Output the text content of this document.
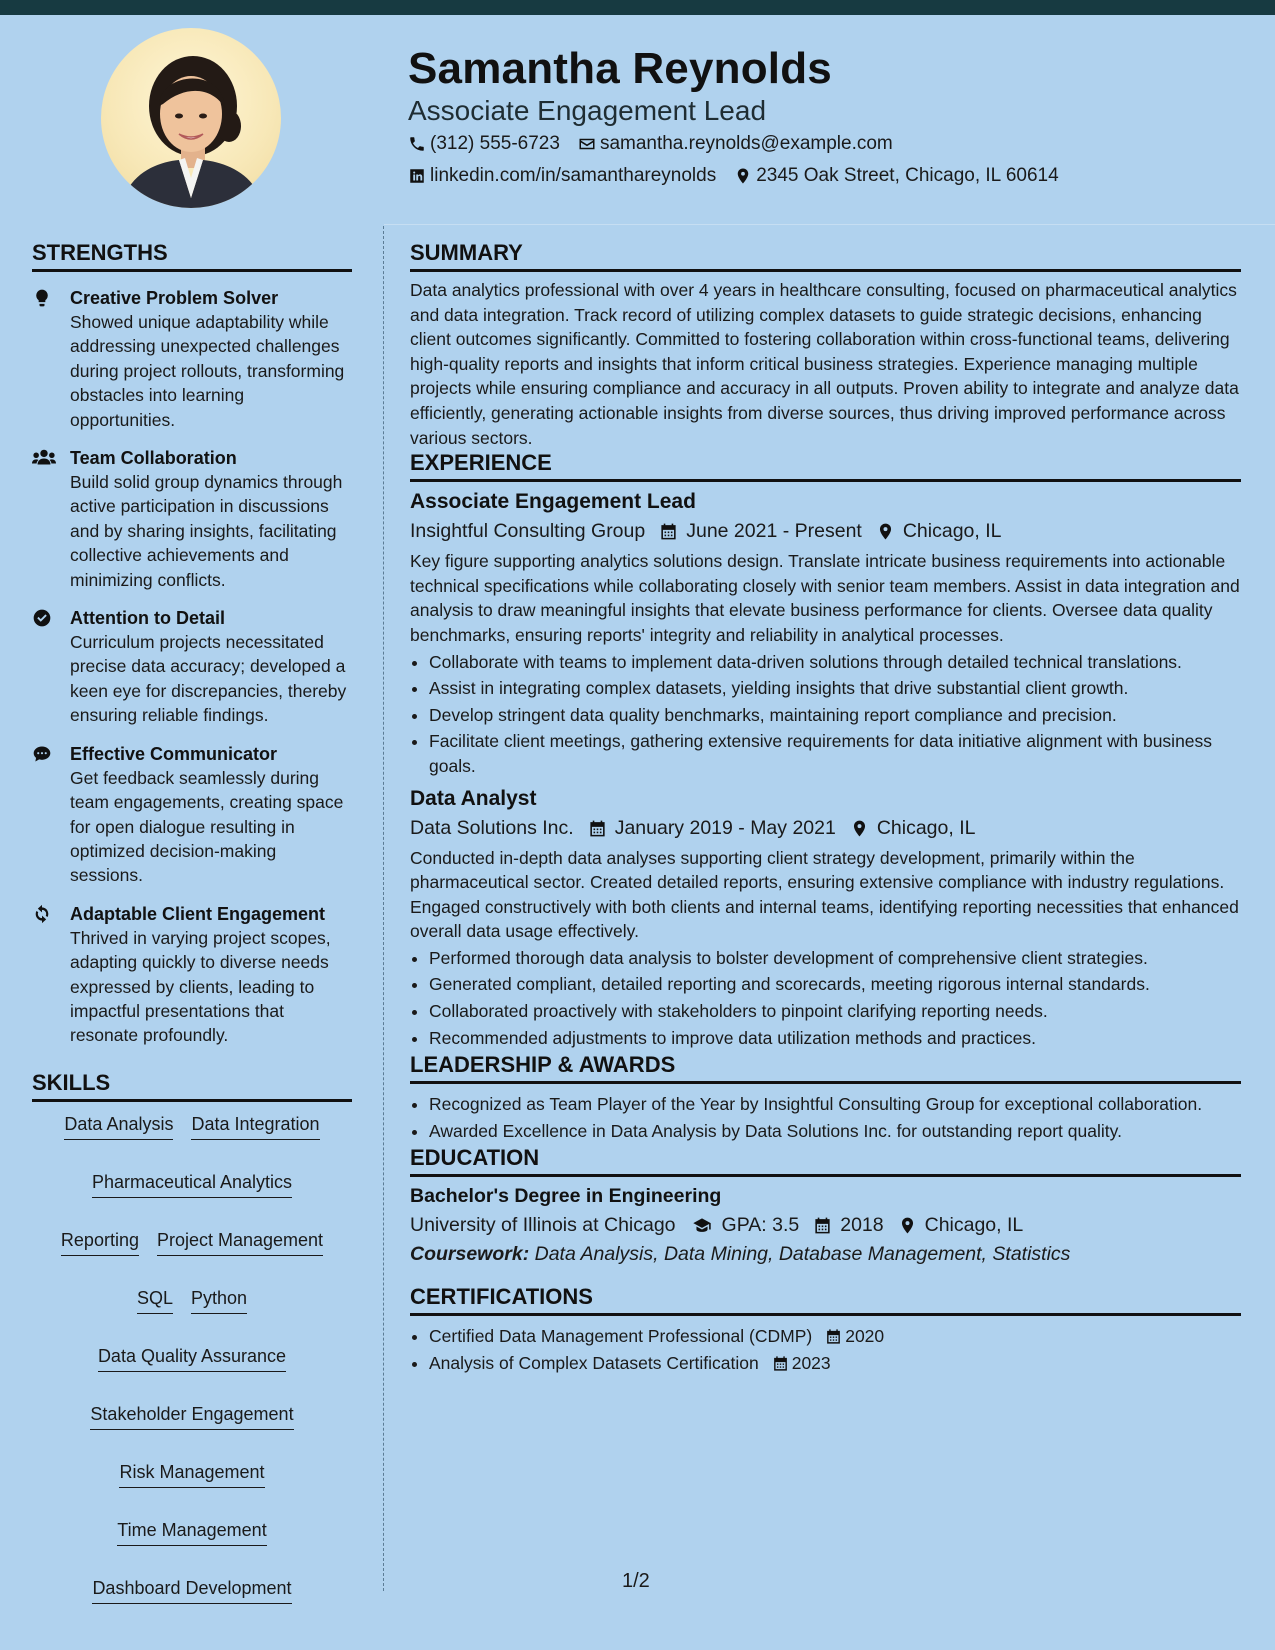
Samantha Reynolds
Associate Engagement Lead
(312) 555-6723 samantha.reynolds@example.com
linkedin.com/in/samanthareynolds 2345 Oak Street, Chicago, IL 60614
STRENGTHS
Creative Problem Solver
Showed unique adaptability while addressing unexpected challenges during project rollouts, transforming obstacles into learning opportunities.
Team Collaboration
Build solid group dynamics through active participation in discussions and by sharing insights, facilitating collective achievements and minimizing conflicts.
Attention to Detail
Curriculum projects necessitated precise data accuracy; developed a keen eye for discrepancies, thereby ensuring reliable findings.
Effective Communicator
Get feedback seamlessly during team engagements, creating space for open dialogue resulting in optimized decision-making sessions.
Adaptable Client Engagement
Thrived in varying project scopes, adapting quickly to diverse needs expressed by clients, leading to impactful presentations that resonate profoundly.
SKILLS
Data Analysis Data Integration
Pharmaceutical Analytics
Reporting Project Management
SQL Python
Data Quality Assurance
Stakeholder Engagement
Risk Management
Time Management
Dashboard Development
SUMMARY

Data analytics professional with over 4 years in healthcare consulting, focused on pharmaceutical analytics and data integration. Track record of utilizing complex datasets to guide strategic decisions, enhancing client outcomes significantly. Committed to fostering collaboration within cross-functional teams, delivering high-quality reports and insights that inform critical business strategies. Experience managing multiple projects while ensuring compliance and accuracy in all outputs. Proven ability to integrate and analyze data efficiently, generating actionable insights from diverse sources, thus driving improved performance across various sectors.

EXPERIENCE
Associate Engagement Lead
Insightful Consulting Group June 2021 - Present Chicago, IL

Key figure supporting analytics solutions design. Translate intricate business requirements into actionable technical specifications while collaborating closely with senior team members. Assist in data integration and analysis to draw meaningful insights that elevate business performance for clients. Oversee data quality benchmarks, ensuring reports' integrity and reliability in analytical processes.

• Collaborate with teams to implement data-driven solutions through detailed technical translations.
• Assist in integrating complex datasets, yielding insights that drive substantial client growth.
• Develop stringent data quality benchmarks, maintaining report compliance and precision.
• Facilitate client meetings, gathering extensive requirements for data initiative alignment with business goals.
Data Analyst
Data Solutions Inc. January 2019 - May 2021 Chicago, IL

Conducted in-depth data analyses supporting client strategy development, primarily within the pharmaceutical sector. Created detailed reports, ensuring extensive compliance with industry regulations. Engaged constructively with both clients and internal teams, identifying reporting necessities that enhanced overall data usage effectively.

• Performed thorough data analysis to bolster development of comprehensive client strategies.
• Generated compliant, detailed reporting and scorecards, meeting rigorous internal standards.
• Collaborated proactively with stakeholders to pinpoint clarifying reporting needs.
• Recommended adjustments to improve data utilization methods and practices.
LEADERSHIP & AWARDS
• Recognized as Team Player of the Year by Insightful Consulting Group for exceptional collaboration.
• Awarded Excellence in Data Analysis by Data Solutions Inc. for outstanding report quality.
EDUCATION
Bachelor's Degree in Engineering
University of Illinois at Chicago GPA: 3.5 2018 Chicago, IL
Coursework: Data Analysis, Data Mining, Database Management, Statistics
CERTIFICATIONS
• Certified Data Management Professional (CDMP) 2020
• Analysis of Complex Datasets Certification 2023
1/2
